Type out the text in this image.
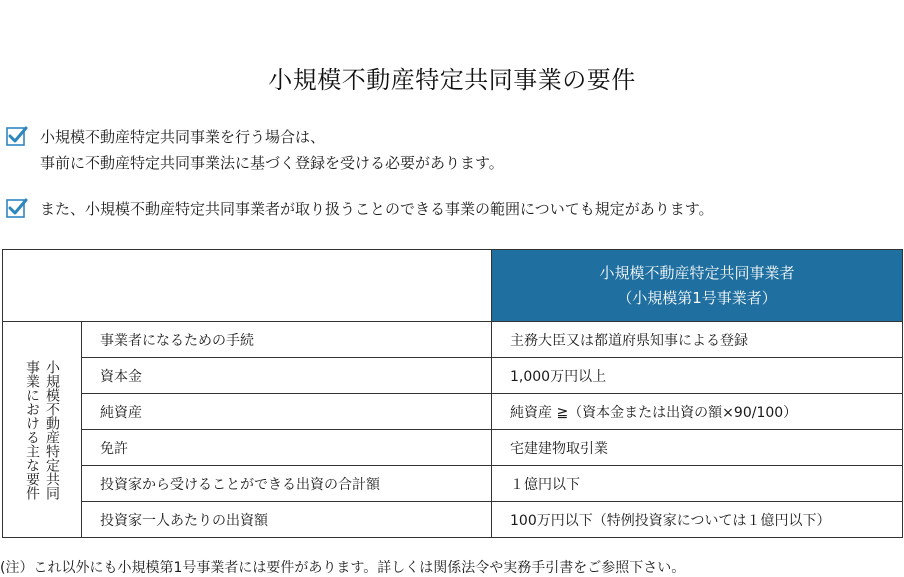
小規模不動産特定共同事業の要件
小規模不動産特定共同事業を行う場合は、
事前に不動産特定共同事業法に基づく登録を受ける必要があります。
また、小規模不動産特定共同事業者が取り扱うことのできる事業の範囲についても規定があります。

		小規模不動産特定共同事業者
（小規模第1号事業者）

小規模不動産特定共同
事業における主な要件	事業者になるための手続	主務大臣又は都道府県知事による登録
	資本金	1,000万円以上
	純資産	純資産 ≧（資本金または出資の額×90/100）
	免許	宅建建物取引業
	投資家から受けることができる出資の合計額	１億円以下
	投資家一人あたりの出資額	100万円以下（特例投資家については１億円以下）
(注）これ以外にも小規模第1号事業者には要件があります。詳しくは関係法令や実務手引書をご参照下さい。
